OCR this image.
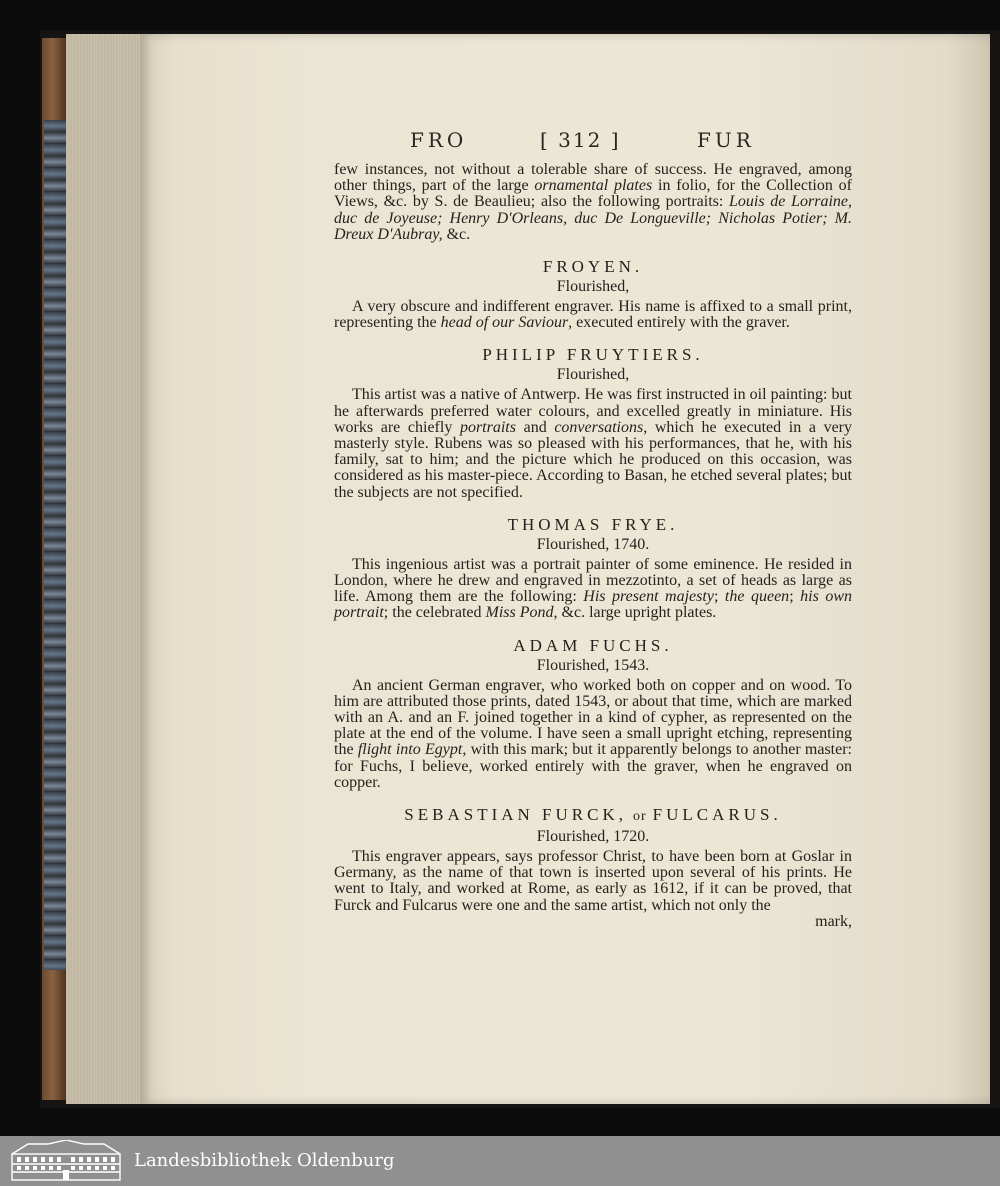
FRO	[ 312 ]	FUR

few instances, not without a tolerable share of success. He engraved, among other things, part of the large ornamental plates in folio, for the Collection of Views, &c. by S. de Beaulieu; also the following portraits: Louis de Lorraine, duc de Joyeuse; Henry D'Orleans, duc De Longueville; Nicholas Potier; M. Dreux D'Aubray, &c.

FROYEN.
Flourished,

A very obscure and indifferent engraver. His name is affixed to a small print, representing the head of our Saviour, executed entirely with the graver.

PHILIP FRUYTIERS.
Flourished,

This artist was a native of Antwerp. He was first instructed in oil painting: but he afterwards preferred water colours, and excelled greatly in miniature. His works are chiefly portraits and conversations, which he executed in a very masterly style. Rubens was so pleased with his performances, that he, with his family, sat to him; and the picture which he produced on this occasion, was considered as his master-piece. According to Basan, he etched several plates; but the subjects are not specified.

THOMAS FRYE.
Flourished, 1740.

This ingenious artist was a portrait painter of some eminence. He resided in London, where he drew and engraved in mezzotinto, a set of heads as large as life. Among them are the following: His present majesty; the queen; his own portrait; the celebrated Miss Pond, &c. large upright plates.

ADAM FUCHS.
Flourished, 1543.

An ancient German engraver, who worked both on copper and on wood. To him are attributed those prints, dated 1543, or about that time, which are marked with an A. and an F. joined together in a kind of cypher, as represented on the plate at the end of the volume. I have seen a small upright etching, representing the flight into Egypt, with this mark; but it apparently belongs to another master: for Fuchs, I believe, worked entirely with the graver, when he engraved on copper.

SEBASTIAN FURCK, or FULCARUS.
Flourished, 1720.

This engraver appears, says professor Christ, to have been born at Goslar in Germany, as the name of that town is inserted upon several of his prints. He went to Italy, and worked at Rome, as early as 1612, if it can be proved, that Furck and Fulcarus were one and the same artist, which not only the

mark,

Landesbibliothek Oldenburg
